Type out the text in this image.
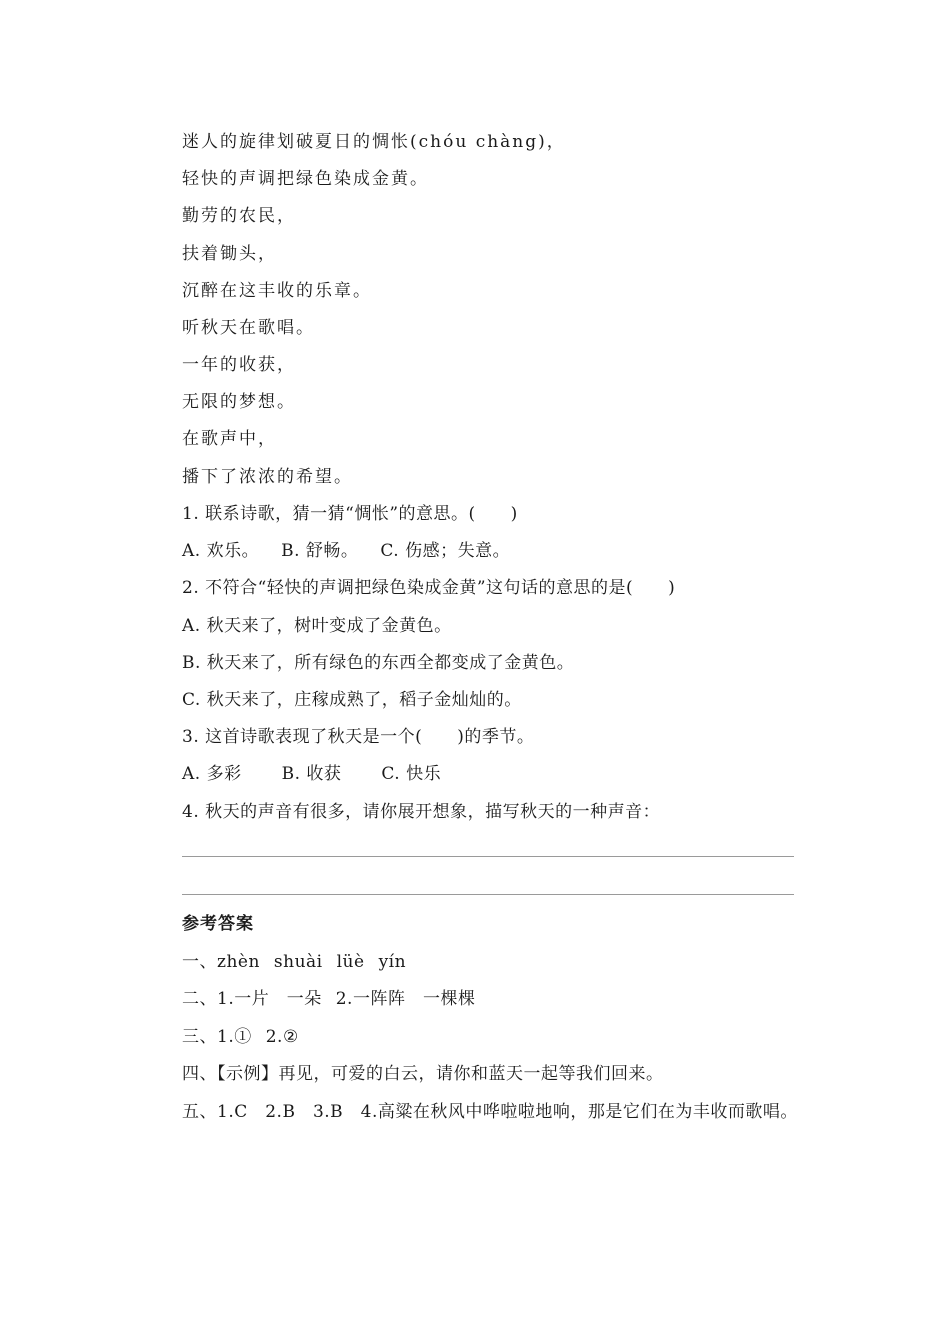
迷人的旋律划破夏日的惆怅(chóu chàng)，
轻快的声调把绿色染成金黄。
勤劳的农民，
扶着锄头，
沉醉在这丰收的乐章。
听秋天在歌唱。
一年的收获，
无限的梦想。
在歌声中，
播下了浓浓的希望。
1. 联系诗歌，猜一猜“惆怅”的意思。(　　)
A. 欢乐。 B. 舒畅。 C. 伤感；失意。
2. 不符合“轻快的声调把绿色染成金黄”这句话的意思的是(　　)
A. 秋天来了，树叶变成了金黄色。
B. 秋天来了，所有绿色的东西全都变成了金黄色。
C. 秋天来了，庄稼成熟了，稻子金灿灿的。
3. 这首诗歌表现了秋天是一个(　　)的季节。
A. 多彩 B. 收获 C. 快乐
4. 秋天的声音有很多，请你展开想象，描写秋天的一种声音：
参考答案
一、zhèn shuài lüè yín
二、1.一片　一朵 2.一阵阵　一棵棵
三、1.① 2.②
四、【示例】再见，可爱的白云，请你和蓝天一起等我们回来。
五、1.C　2.B　3.B　4.高粱在秋风中哗啦啦地响，那是它们在为丰收而歌唱。
